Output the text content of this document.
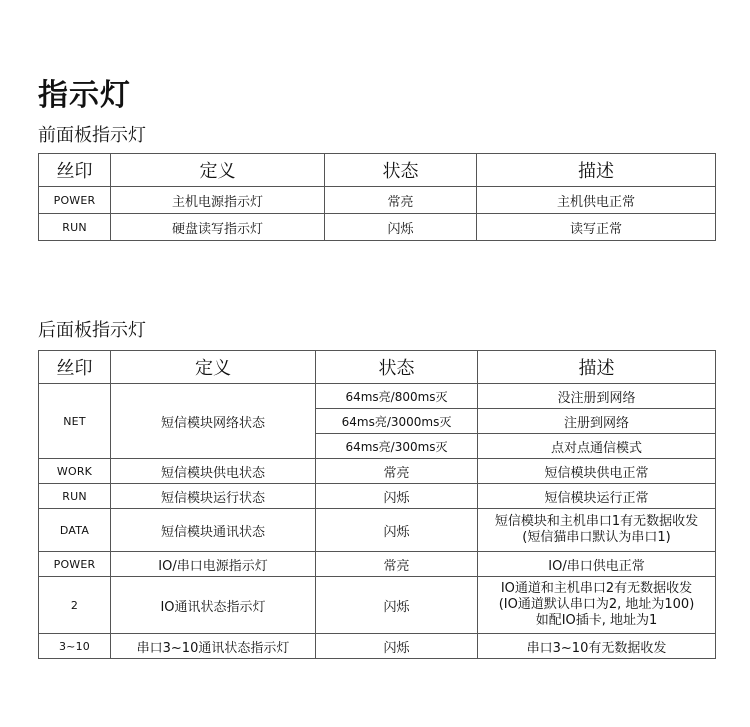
指示灯
前面板指示灯
丝印	定义	状态	描述
POWER	主机电源指示灯	常亮	主机供电正常
RUN	硬盘读写指示灯	闪烁	读写正常
后面板指示灯
丝印	定义	状态	描述
NET	短信模块网络状态	64ms亮/800ms灭	没注册到网络
		64ms亮/3000ms灭	注册到网络
		64ms亮/300ms灭	点对点通信模式
WORK	短信模块供电状态	常亮	短信模块供电正常
RUN	短信模块运行状态	闪烁	短信模块运行正常
DATA	短信模块通讯状态	闪烁	短信模块和主机串口1有无数据收发
(短信猫串口默认为串口1)

POWER	IO/串口电源指示灯	常亮	IO/串口供电正常
2	IO通讯状态指示灯	闪烁	IO通道和主机串口2有无数据收发
(IO通道默认串口为2, 地址为100)
如配IO插卡, 地址为1

3~10	串口3~10通讯状态指示灯	闪烁	串口3~10有无数据收发
